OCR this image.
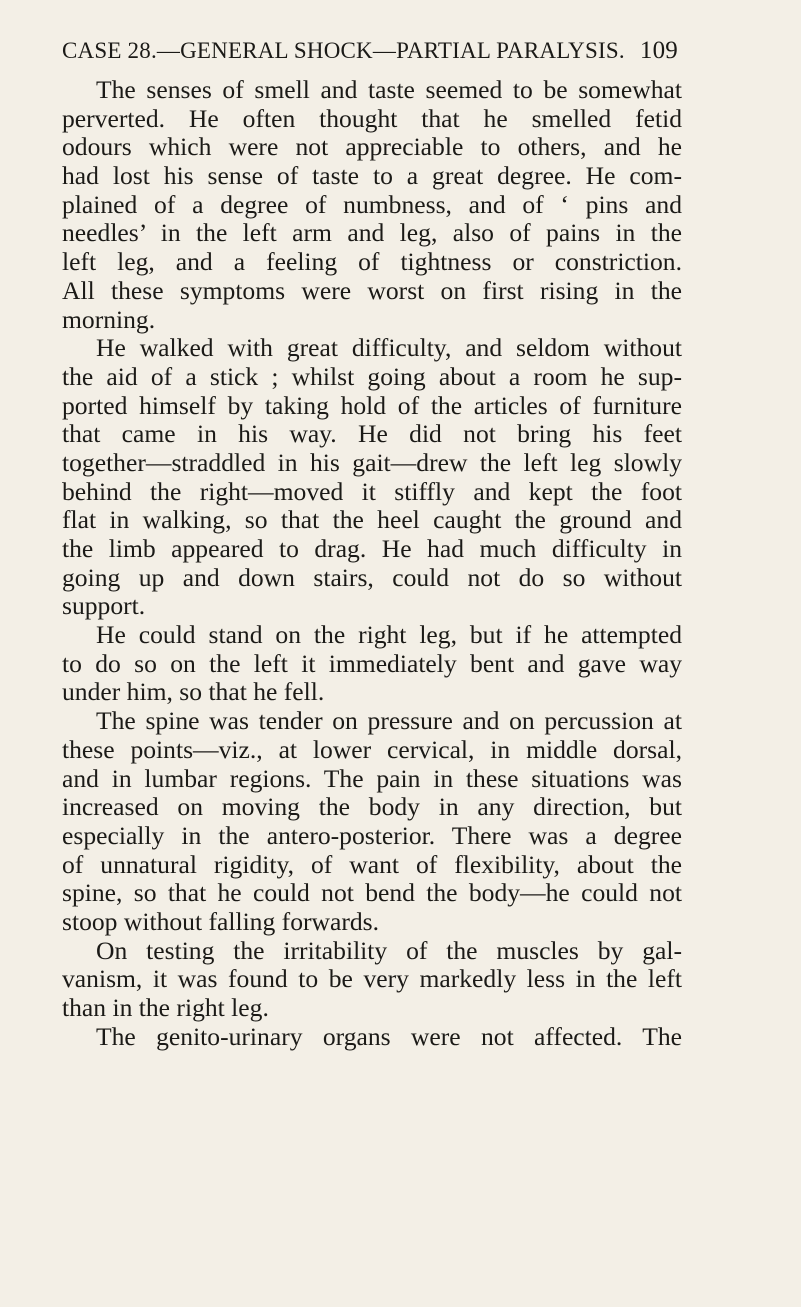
CASE 28.—GENERAL SHOCK—PARTIAL PARALYSIS. 109
The senses of smell and taste seemed to be somewhat
perverted. He often thought that he smelled fetid
odours which were not appreciable to others, and he
had lost his sense of taste to a great degree. He com-
plained of a degree of numbness, and of ‘ pins and
needles’ in the left arm and leg, also of pains in the
left leg, and a feeling of tightness or constriction.
All these symptoms were worst on first rising in the
morning.
He walked with great difficulty, and seldom without
the aid of a stick ; whilst going about a room he sup-
ported himself by taking hold of the articles of furniture
that came in his way. He did not bring his feet
together—straddled in his gait—drew the left leg slowly
behind the right—moved it stiffly and kept the foot
flat in walking, so that the heel caught the ground and
the limb appeared to drag. He had much difficulty in
going up and down stairs, could not do so without
support.
He could stand on the right leg, but if he attempted
to do so on the left it immediately bent and gave way
under him, so that he fell.
The spine was tender on pressure and on percussion at
these points—viz., at lower cervical, in middle dorsal,
and in lumbar regions. The pain in these situations was
increased on moving the body in any direction, but
especially in the antero-posterior. There was a degree
of unnatural rigidity, of want of flexibility, about the
spine, so that he could not bend the body—he could not
stoop without falling forwards.
On testing the irritability of the muscles by gal-
vanism, it was found to be very markedly less in the left
than in the right leg.
The genito-urinary organs were not affected. The
